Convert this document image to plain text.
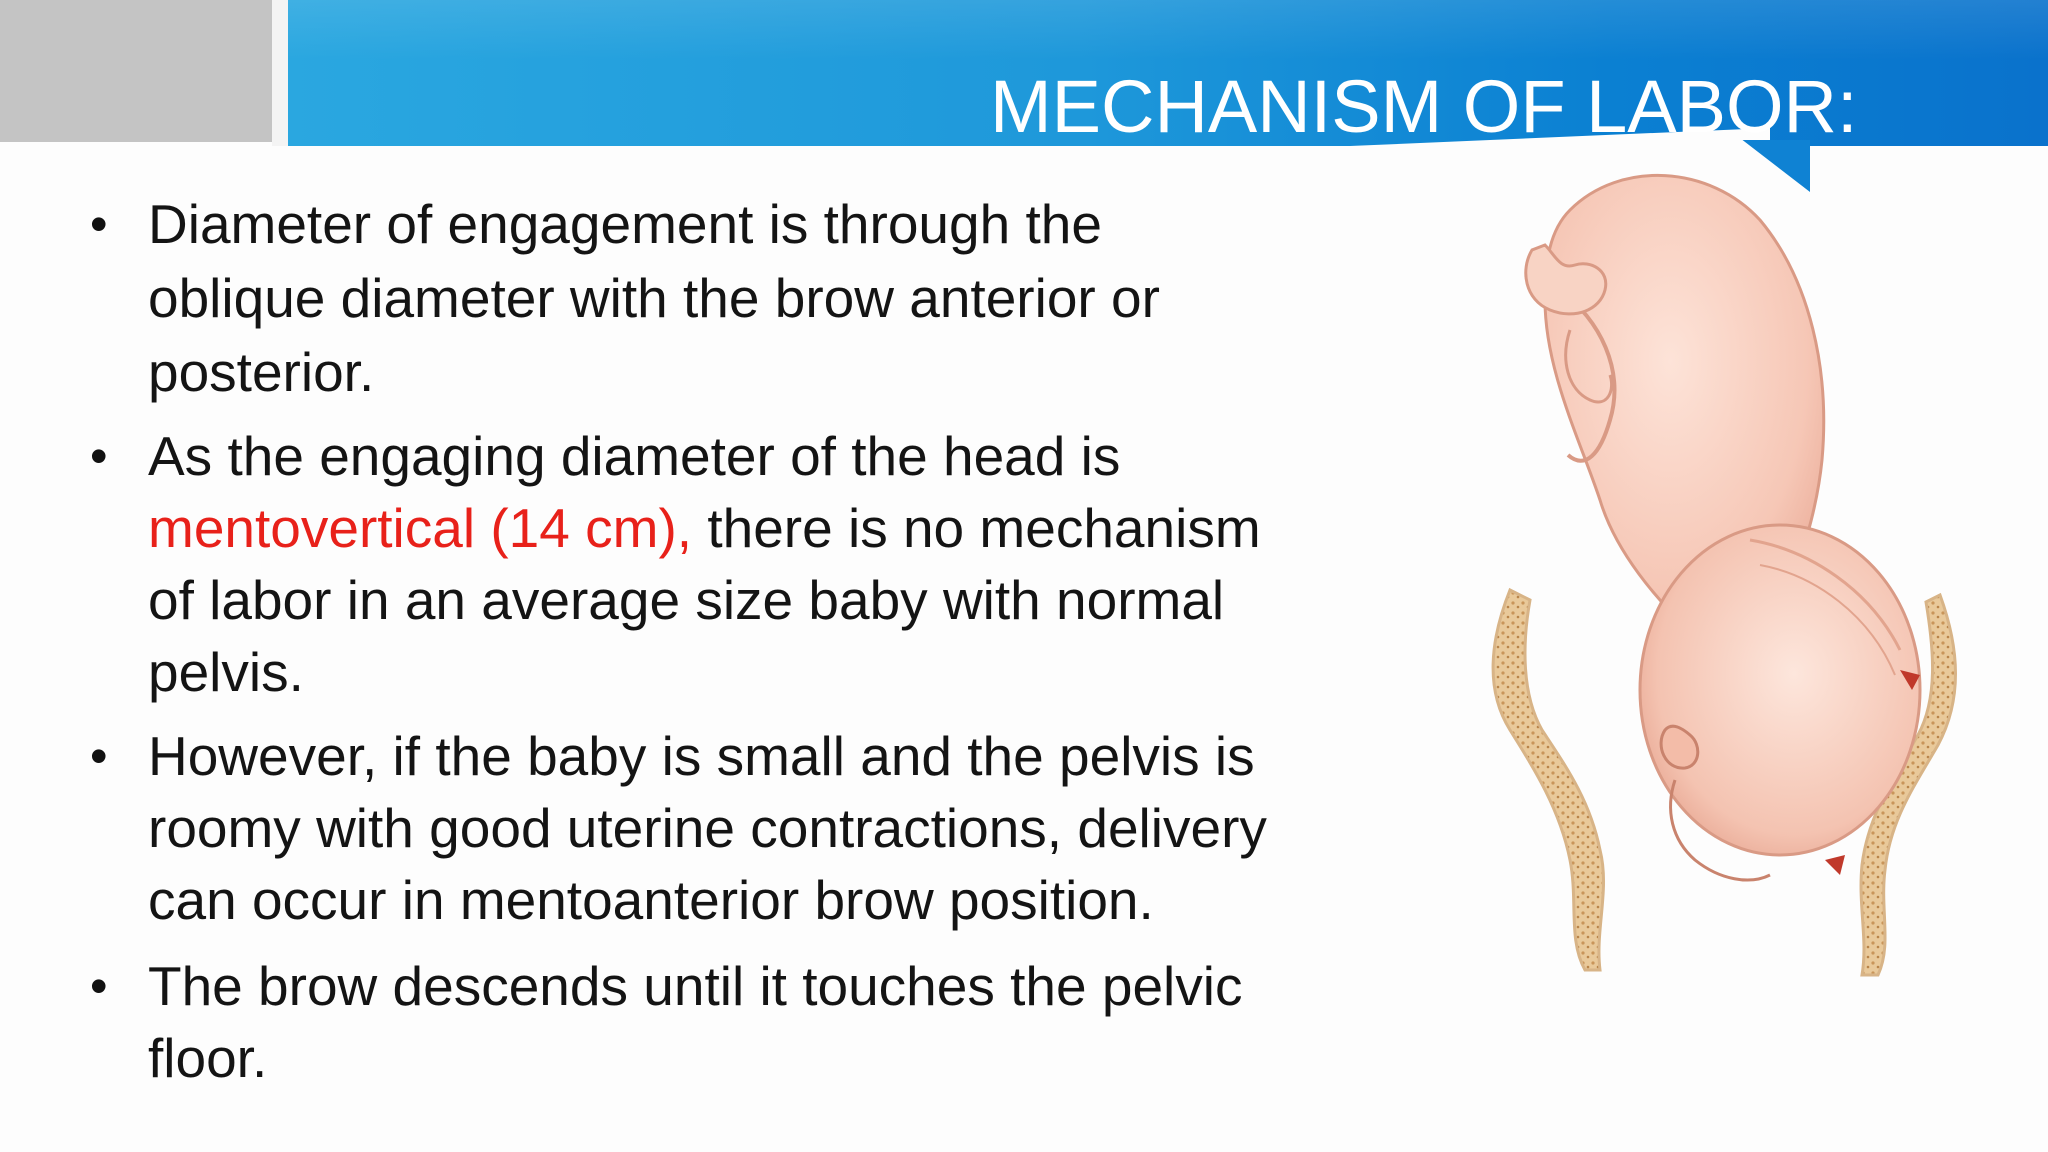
MECHANISM OF LABOR:
• Diameter of engagement is through the
oblique diameter with the brow anterior or
posterior.
• As the engaging diameter of the head is
mentovertical (14 cm), there is no mechanism
of labor in an average size baby with normal
pelvis.
• However, if the baby is small and the pelvis is
roomy with good uterine contractions, delivery
can occur in mentoanterior brow position.
• The brow descends until it touches the pelvic
floor.
